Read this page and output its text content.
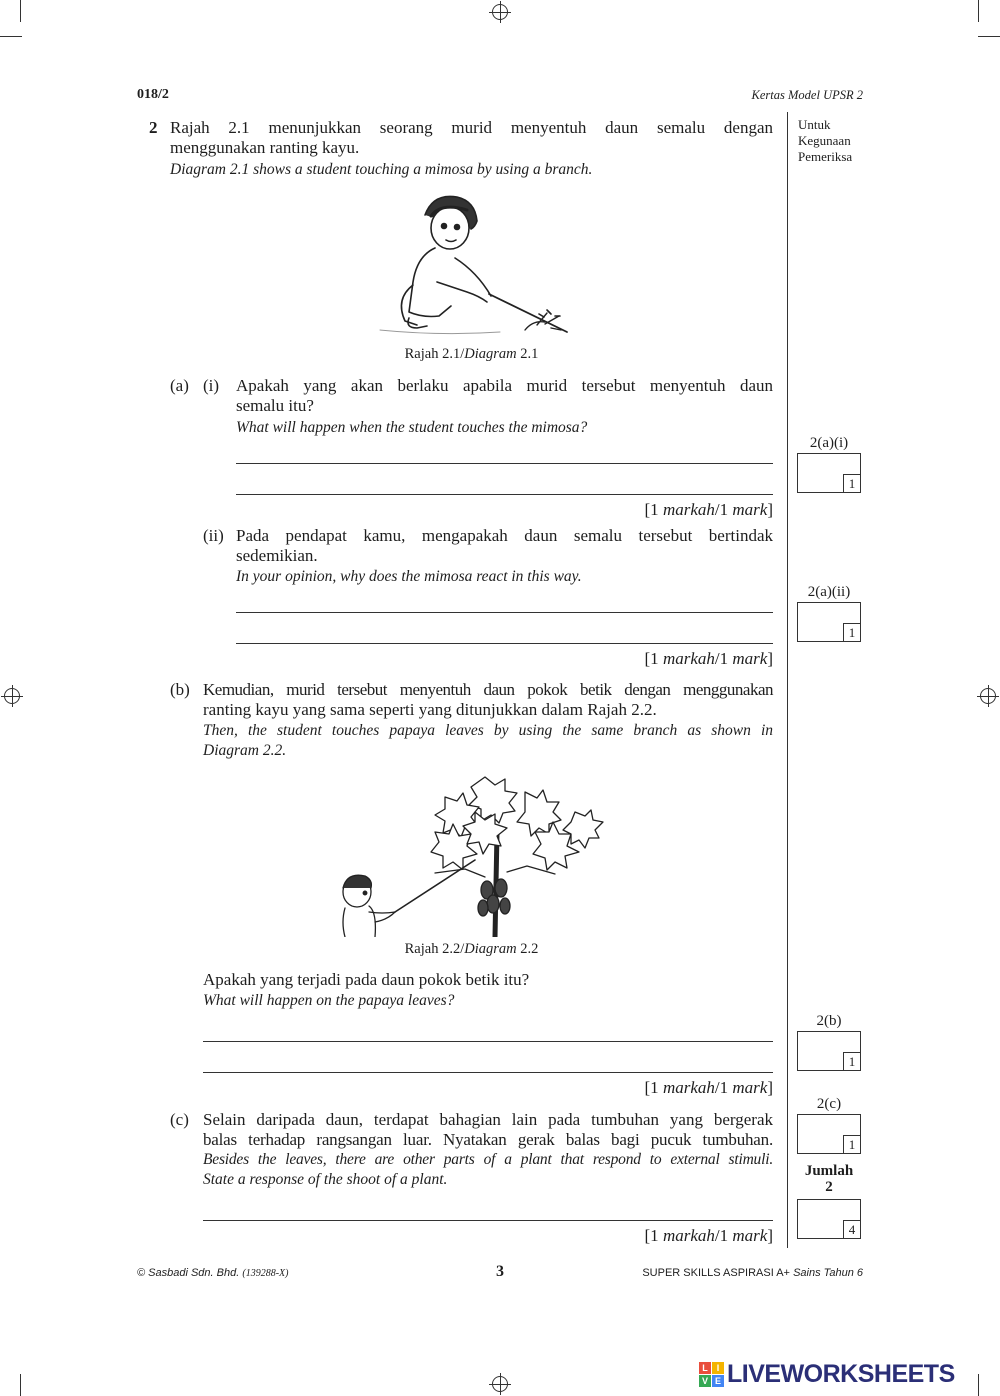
018/2	Kertas Model UPSR 2
Untuk
Kegunaan
Pemeriksa
2 Rajah 2.1 menunjukkan seorang murid menyentuh daun semalu dengan
menggunakan ranting kayu.
Diagram 2.1 shows a student touching a mimosa by using a branch.
Rajah 2.1/Diagram 2.1
(a) (i) Apakah yang akan berlaku apabila murid tersebut menyentuh daun
semalu itu?
What will happen when the student touches the mimosa?
[1 markah/1 mark]
(ii) Pada pendapat kamu, mengapakah daun semalu tersebut bertindak
sedemikian.
In your opinion, why does the mimosa react in this way.
[1 markah/1 mark]
(b) Kemudian, murid tersebut menyentuh daun pokok betik dengan menggunakan
ranting kayu yang sama seperti yang ditunjukkan dalam Rajah 2.2.
Then, the student touches papaya leaves by using the same branch as shown in
Diagram 2.2.
Rajah 2.2/Diagram 2.2
Apakah yang terjadi pada daun pokok betik itu?
What will happen on the papaya leaves?
[1 markah/1 mark]
(c) Selain daripada daun, terdapat bahagian lain pada tumbuhan yang bergerak
balas terhadap rangsangan luar. Nyatakan gerak balas bagi pucuk tumbuhan.
Besides the leaves, there are other parts of a plant that respond to external stimuli.
State a response of the shoot of a plant.
[1 markah/1 mark]
2(a)(i)
1
2(a)(ii)
1
2(b)
1
2(c)
1
Jumlah
2
4
© Sasbadi Sdn. Bhd. (139288-X)	3	SUPER SKILLS ASPIRASI A+ Sains Tahun 6
L I
V E LIVEWORKSHEETS
